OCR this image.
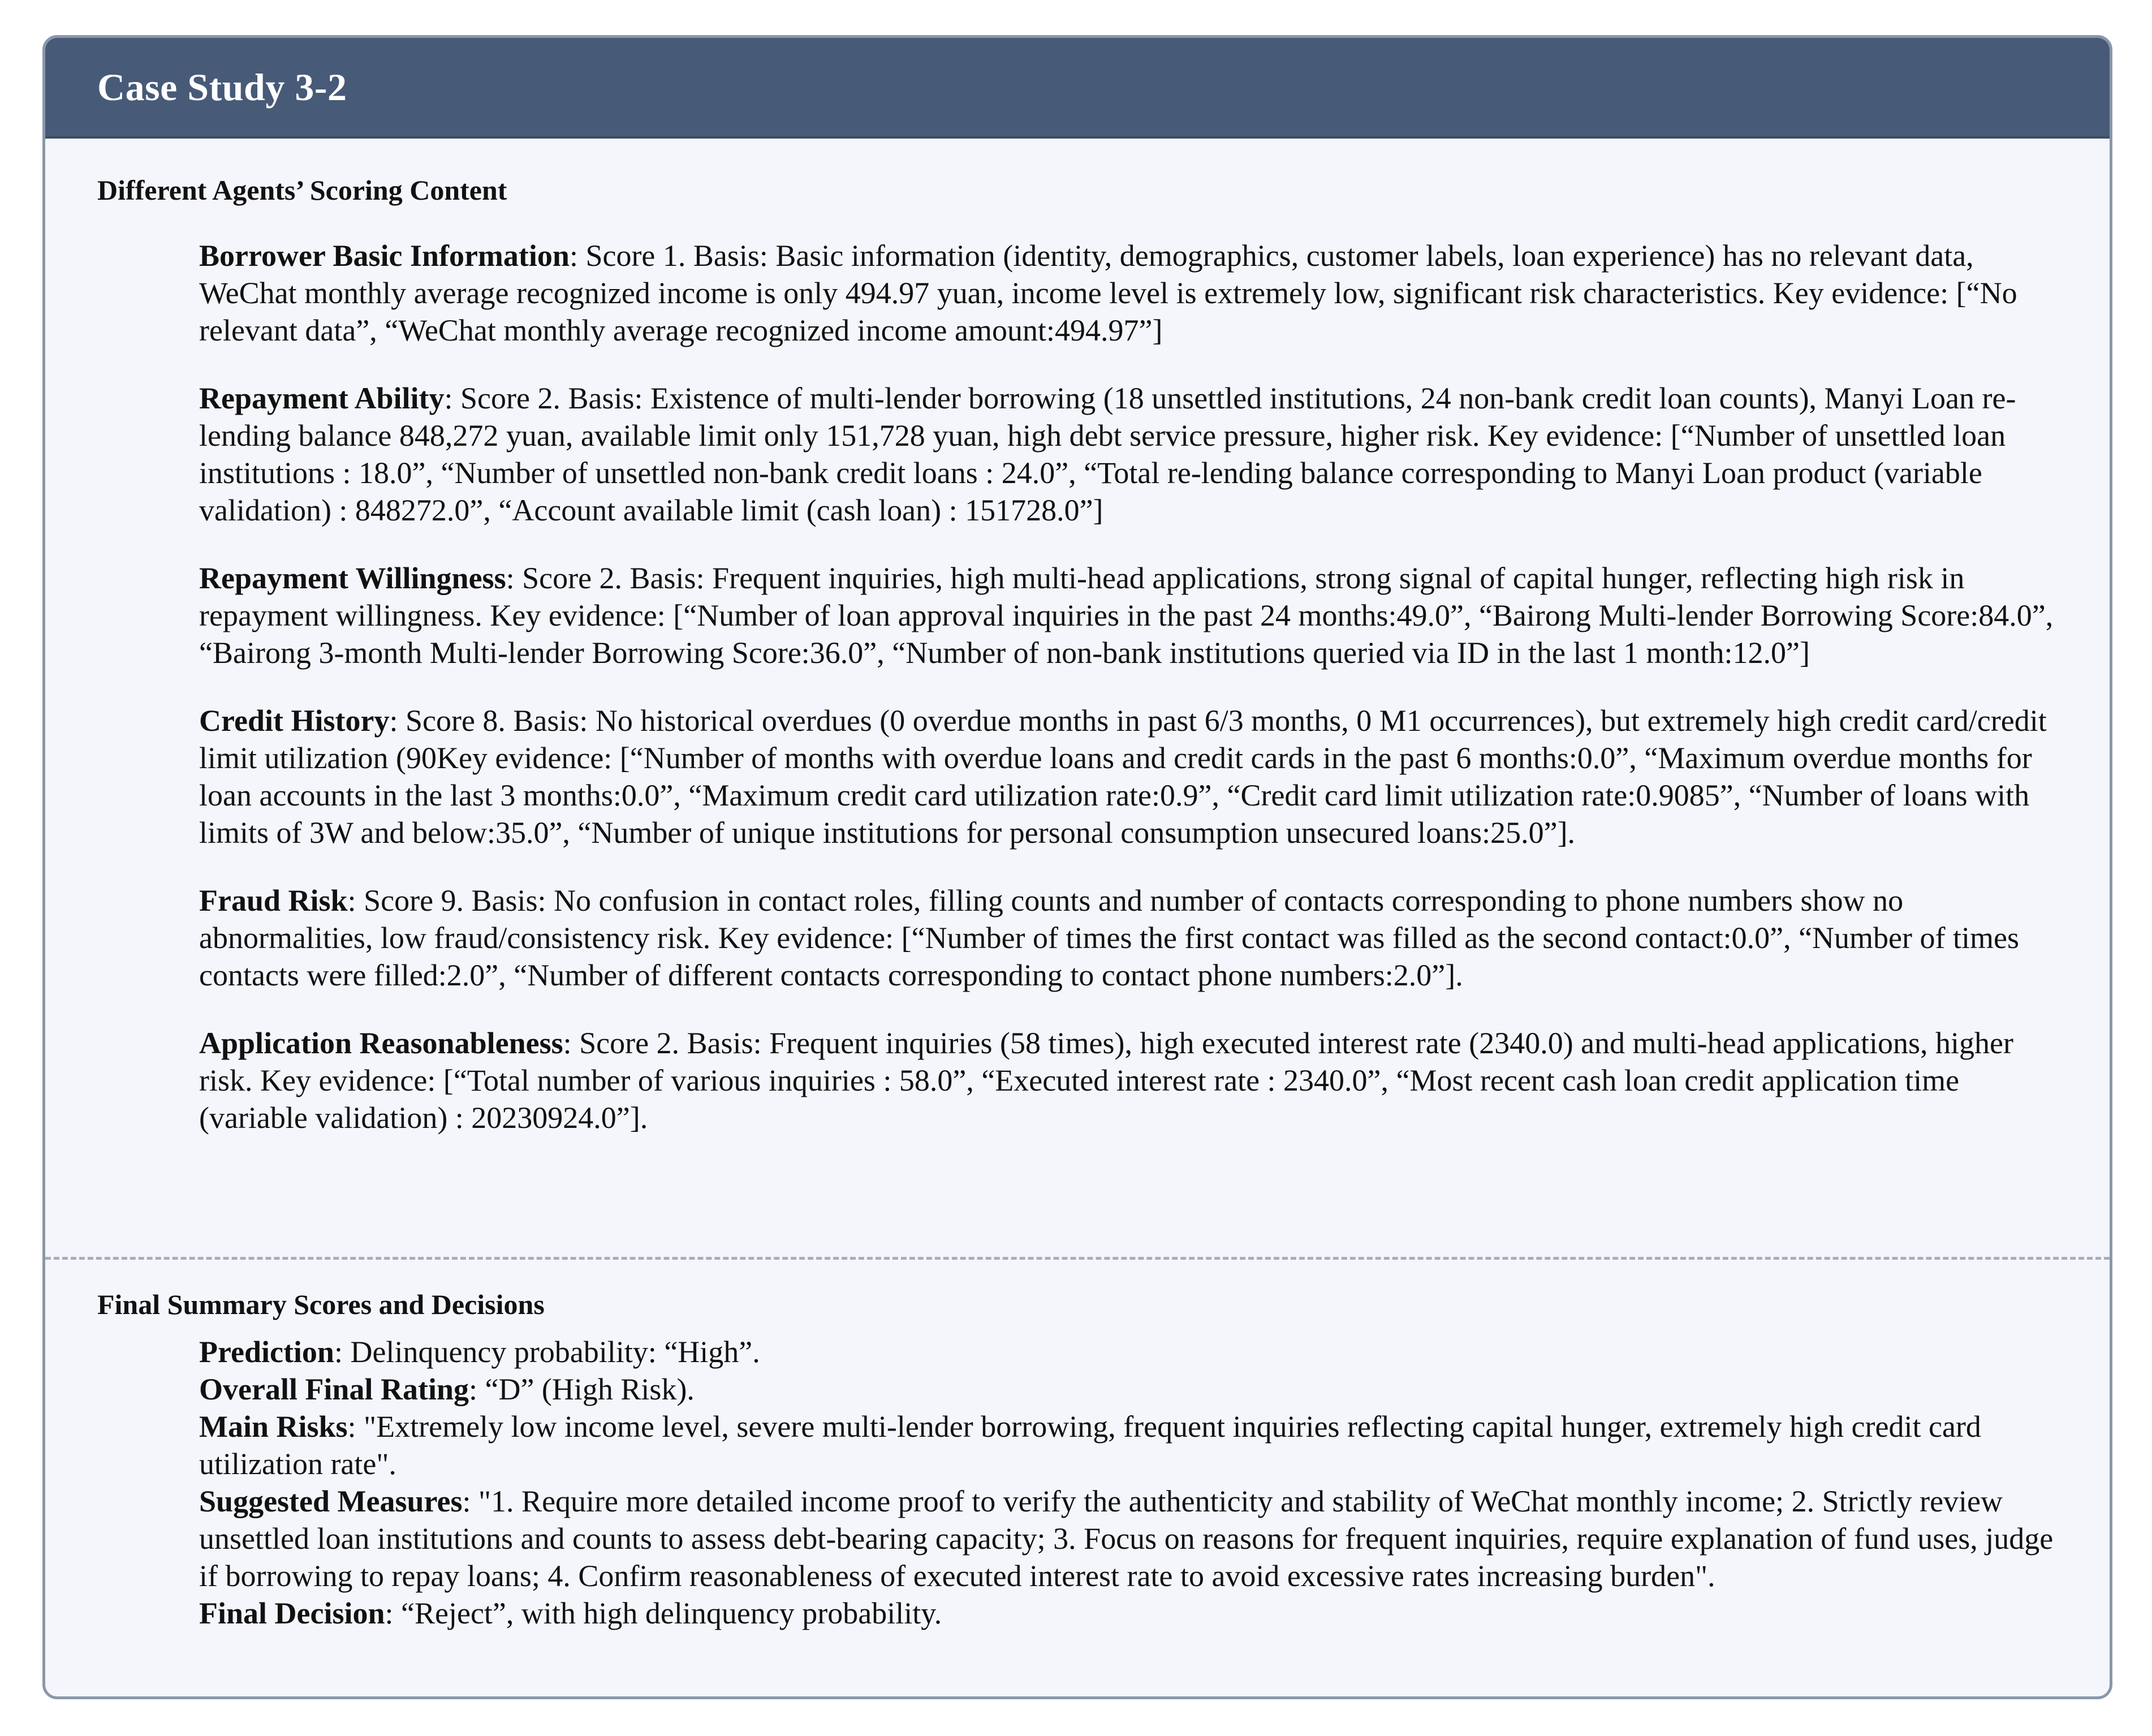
Case Study 3-2
Different Agents’ Scoring Content

Borrower Basic Information: Score 1. Basis: Basic information (identity, demographics, customer labels, loan experience) has no relevant data, WeChat monthly average recognized income is only 494.97 yuan, income level is extremely low, significant risk characteristics. Key evidence: [“No relevant data”, “WeChat monthly average recognized income amount:494.97”]

Repayment Ability: Score 2. Basis: Existence of multi-lender borrowing (18 unsettled institutions, 24 non-bank credit loan counts), Manyi Loan re-lending balance 848,272 yuan, available limit only 151,728 yuan, high debt service pressure, higher risk. Key evidence: [“Number of unsettled loan institutions : 18.0”, “Number of unsettled non-bank credit loans : 24.0”, “Total re-lending balance corresponding to Manyi Loan product (variable validation) : 848272.0”, “Account available limit (cash loan) : 151728.0”]

Repayment Willingness: Score 2. Basis: Frequent inquiries, high multi-head applications, strong signal of capital hunger, reflecting high risk in repayment willingness. Key evidence: [“Number of loan approval inquiries in the past 24 months:49.0”, “Bairong Multi-lender Borrowing Score:84.0”, “Bairong 3-month Multi-lender Borrowing Score:36.0”, “Number of non-bank institutions queried via ID in the last 1 month:12.0”]

Credit History: Score 8. Basis: No historical overdues (0 overdue months in past 6/3 months, 0 M1 occurrences), but extremely high credit card/credit limit utilization (90Key evidence: [“Number of months with overdue loans and credit cards in the past 6 months:0.0”, “Maximum overdue months for loan accounts in the last 3 months:0.0”, “Maximum credit card utilization rate:0.9”, “Credit card limit utilization rate:0.9085”, “Number of loans with limits of 3W and below:35.0”, “Number of unique institutions for personal consumption unsecured loans:25.0”].

Fraud Risk: Score 9. Basis: No confusion in contact roles, filling counts and number of contacts corresponding to phone numbers show no abnormalities, low fraud/consistency risk. Key evidence: [“Number of times the first contact was filled as the second contact:0.0”, “Number of times contacts were filled:2.0”, “Number of different contacts corresponding to contact phone numbers:2.0”].

Application Reasonableness: Score 2. Basis: Frequent inquiries (58 times), high executed interest rate (2340.0) and multi-head applications, higher risk. Key evidence: [“Total number of various inquiries : 58.0”, “Executed interest rate : 2340.0”, “Most recent cash loan credit application time (variable validation) : 20230924.0”].

Final Summary Scores and Decisions

Prediction: Delinquency probability: “High”.

Overall Final Rating: “D” (High Risk).

Main Risks: "Extremely low income level, severe multi-lender borrowing, frequent inquiries reflecting capital hunger, extremely high credit card utilization rate".

Suggested Measures: "1. Require more detailed income proof to verify the authenticity and stability of WeChat monthly income; 2. Strictly review unsettled loan institutions and counts to assess debt-bearing capacity; 3. Focus on reasons for frequent inquiries, require explanation of fund uses, judge if borrowing to repay loans; 4. Confirm reasonableness of executed interest rate to avoid excessive rates increasing burden".

Final Decision: “Reject”, with high delinquency probability.
